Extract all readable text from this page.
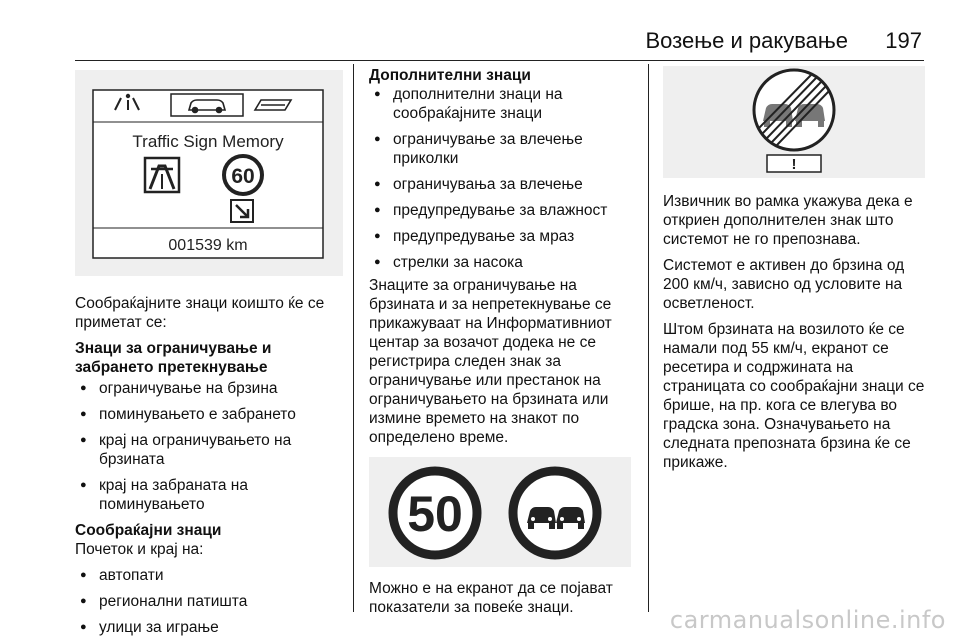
Возење и ракување 197
Traffic Sign Memory
60
001539 km

Сообраќајните знаци коишто ќе се приметат се:

Знаци за ограничување и забрането претекнување
● ограничување на брзина
● поминувањето е забрането
● крај на ограничувањето на брзината
● крај на забраната на поминувањето
Сообраќајни знаци
Почеток и крај на:
● автопати
● регионални патишта
● улици за играње
Дополнителни знаци
● дополнителни знаци на сообраќајните знаци
● ограничување за влечење приколки
● ограничувања за влечење
● предупредување за влажност
● предупредување за мраз
● стрелки за насока

Знаците за ограничување на брзината и за непретекнување се прикажуваат на Информативниот центар за возачот додека не се регистрира следен знак за ограничување или престанок на ограничувањето на брзината или измине времето на знакот по определено време.

50

Можно е на екранот да се појават показатели за повеќе знаци.

!

Извичник во рамка укажува дека е откриен дополнителен знак што системот не го препознава.

Системот е активен до брзина од 200 км/ч, зависно од условите на осветленост.

Штом брзината на возилото ќе се намали под 55 км/ч, екранот се ресетира и содржината на страницата со сообраќајни знаци се брише, на пр. кога се влегува во градска зона. Означувањето на следната препозната брзина ќе се прикаже.

carmanualsonline.info
